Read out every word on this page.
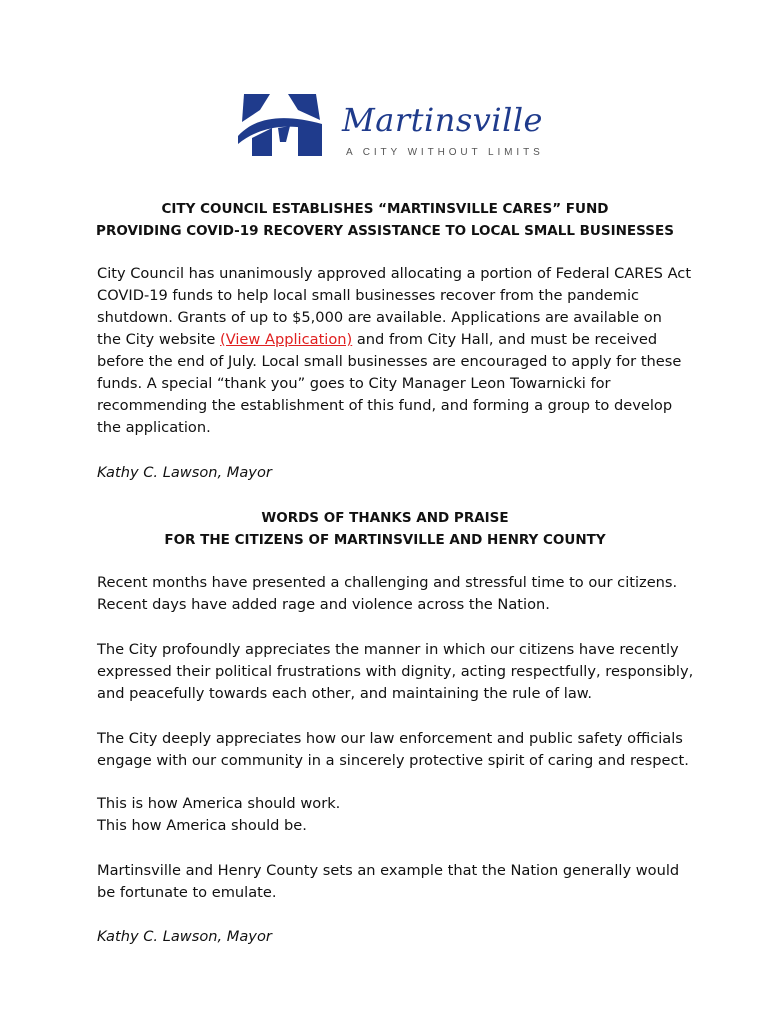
Martinsville
A CITY WITHOUT LIMITS
CITY COUNCIL ESTABLISHES “MARTINSVILLE CARES” FUND
PROVIDING COVID-19 RECOVERY ASSISTANCE TO LOCAL SMALL BUSINESSES
City Council has unanimously approved allocating a portion of Federal CARES Act
COVID-19 funds to help local small businesses recover from the pandemic
shutdown. Grants of up to $5,000 are available. Applications are available on
the City website (View Application) and from City Hall, and must be received
before the end of July. Local small businesses are encouraged to apply for these
funds. A special “thank you” goes to City Manager Leon Towarnicki for
recommending the establishment of this fund, and forming a group to develop
the application.
Kathy C. Lawson, Mayor
WORDS OF THANKS AND PRAISE
FOR THE CITIZENS OF MARTINSVILLE AND HENRY COUNTY
Recent months have presented a challenging and stressful time to our citizens.
Recent days have added rage and violence across the Nation.
The City profoundly appreciates the manner in which our citizens have recently
expressed their political frustrations with dignity, acting respectfully, responsibly,
and peacefully towards each other, and maintaining the rule of law.
The City deeply appreciates how our law enforcement and public safety officials
engage with our community in a sincerely protective spirit of caring and respect.
This is how America should work.
This how America should be.
Martinsville and Henry County sets an example that the Nation generally would
be fortunate to emulate.
Kathy C. Lawson, Mayor
